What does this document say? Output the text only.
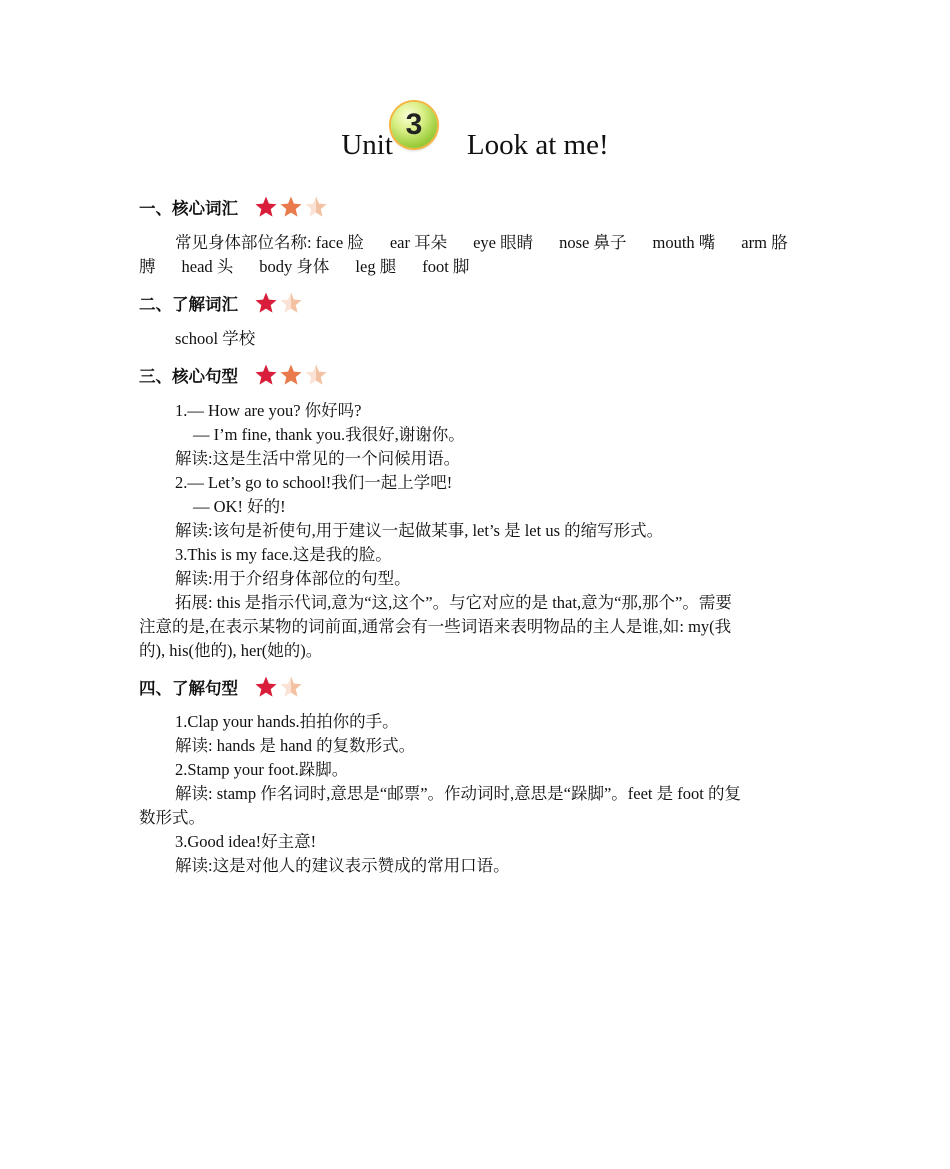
Unit
3
Look at me!
一、核心词汇
常见身体部位名称: face 脸 ear 耳朵 eye 眼睛 nose 鼻子 mouth 嘴 arm 胳
膊 head 头 body 身体 leg 腿 foot 脚
二、了解词汇
school 学校
三、核心句型
1.— How are you? 你好吗?
— I’m fine, thank you.我很好,谢谢你。
解读:这是生活中常见的一个问候用语。
2.— Let’s go to school!我们一起上学吧!
— OK! 好的!
解读:该句是祈使句,用于建议一起做某事, let’s 是 let us 的缩写形式。
3.This is my face.这是我的脸。
解读:用于介绍身体部位的句型。
拓展: this 是指示代词,意为“这,这个”。与它对应的是 that,意为“那,那个”。需要
注意的是,在表示某物的词前面,通常会有一些词语来表明物品的主人是谁,如: my(我
的), his(他的), her(她的)。
四、了解句型
1.Clap your hands.拍拍你的手。
解读: hands 是 hand 的复数形式。
2.Stamp your foot.跺脚。
解读: stamp 作名词时,意思是“邮票”。作动词时,意思是“跺脚”。feet 是 foot 的复
数形式。
3.Good idea!好主意!
解读:这是对他人的建议表示赞成的常用口语。
